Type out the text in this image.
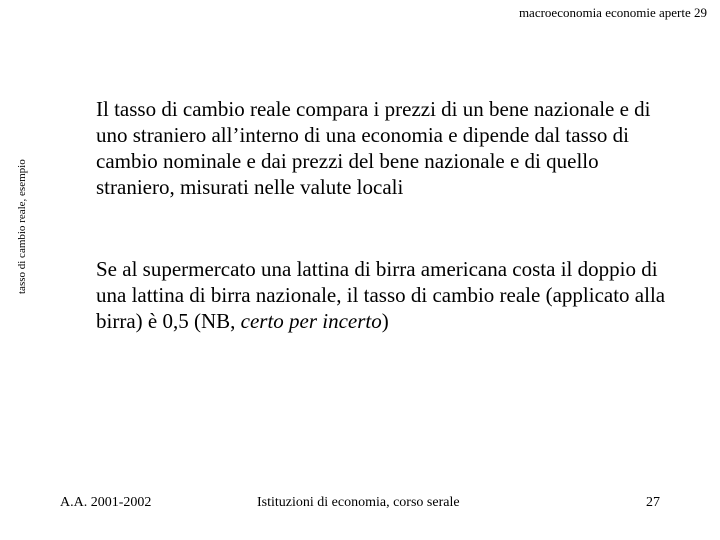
macroeconomia economie aperte 29
tasso di cambio reale, esempio

Il tasso di cambio reale compara i prezzi di un bene nazionale e di uno straniero all’interno di una economia e dipende dal tasso di cambio nominale e dai prezzi del bene nazionale e di quello straniero, misurati nelle valute locali

Se al supermercato una lattina di birra americana costa il doppio di una lattina di birra nazionale, il tasso di cambio reale (applicato alla birra) è 0,5 (NB, certo per incerto)

A.A. 2001-2002	Istituzioni di economia, corso serale	27
